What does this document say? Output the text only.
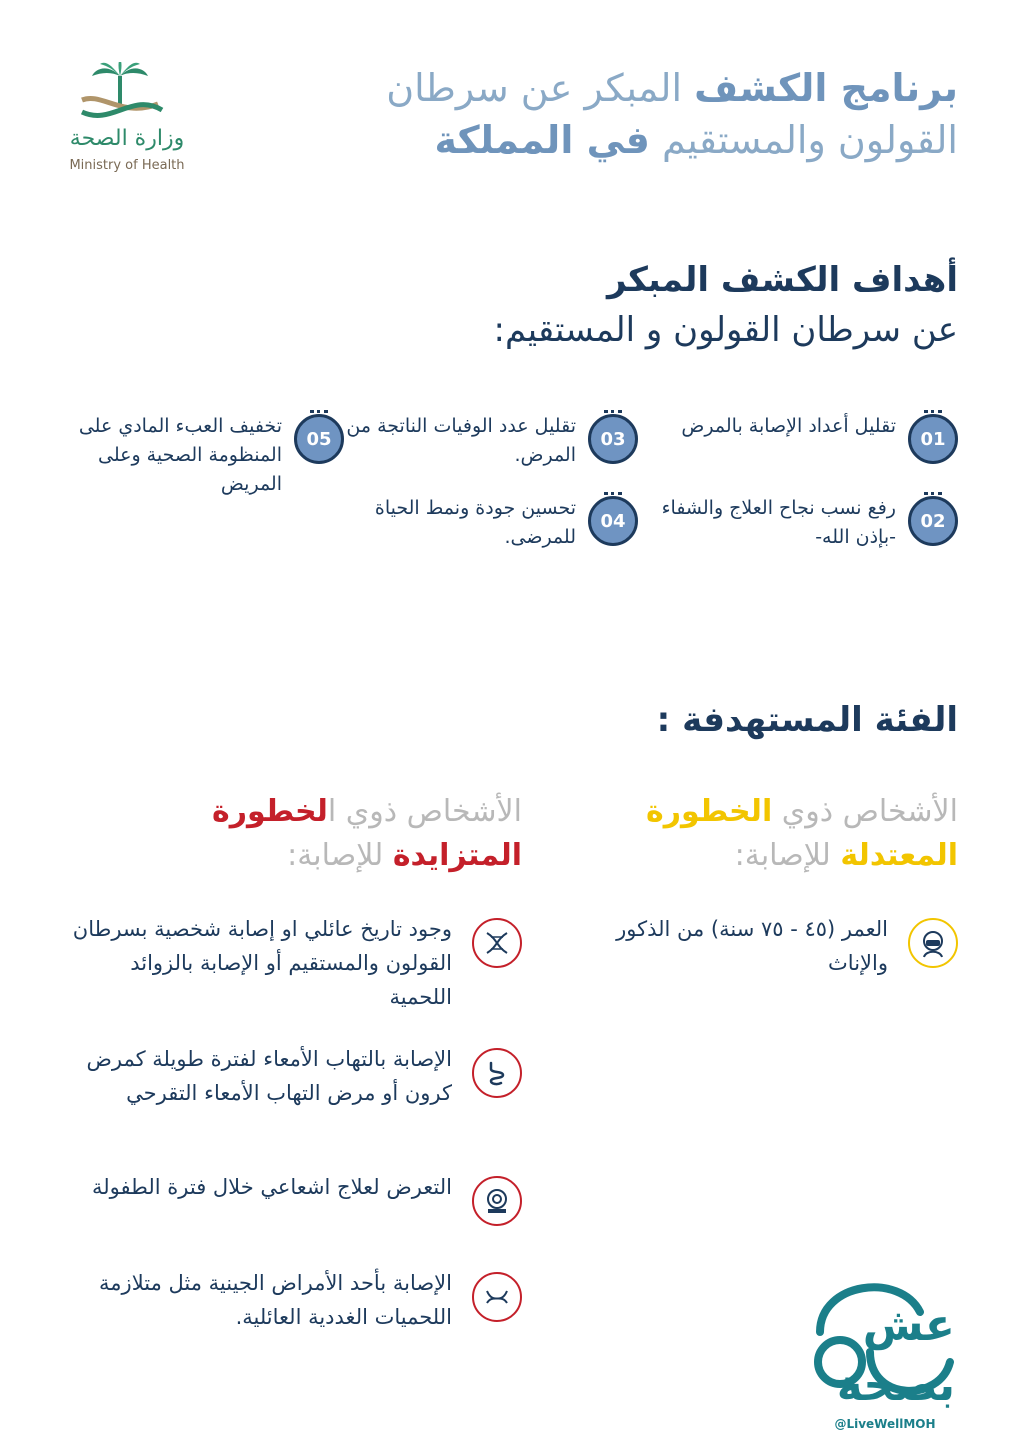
برنامج الكشف المبكر عن سرطان
القولون والمستقيم في المملكة
وزارة الصحة
Ministry of Health
أهداف الكشف المبكر
عن سرطان القولون و المستقيم:
01
تقليل أعداد الإصابة بالمرض
02
رفع نسب نجاح العلاج والشفاء -بإذن الله-
03
تقليل عدد الوفيات الناتجة من المرض.
04
تحسين جودة ونمط الحياة للمرضى.
05
تخفيف العبء المادي على المنظومة الصحية وعلى المريض
الفئة المستهدفة :
الأشخاص ذوي الخطورة
المعتدلة للإصابة:
الأشخاص ذوي الخطورة
المتزايدة للإصابة:
العمر (٤٥ - ٧٥ سنة) من الذكور والإناث
وجود تاريخ عائلي او إصابة شخصية بسرطان القولون والمستقيم أو الإصابة بالزوائد اللحمية
الإصابة بالتهاب الأمعاء لفترة طويلة كمرض كرون أو مرض التهاب الأمعاء التقرحي
التعرض لعلاج اشعاعي خلال فترة الطفولة
الإصابة بأحد الأمراض الجينية مثل متلازمة اللحميات الغددية العائلية.	عش
بصحة
@LiveWellMOH
